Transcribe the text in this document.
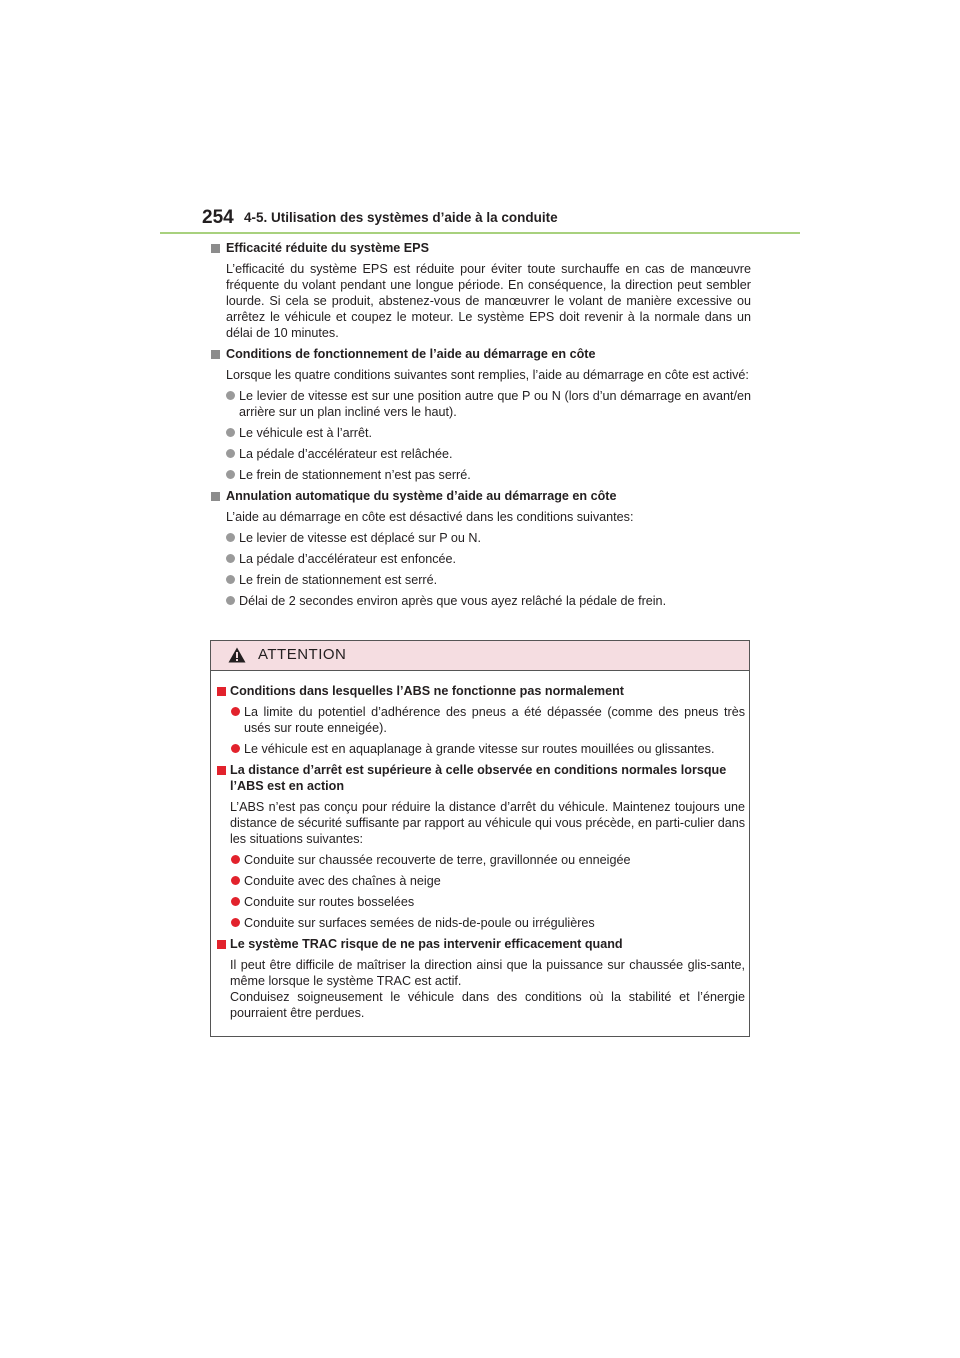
254 4-5. Utilisation des systèmes d’aide à la conduite
Efficacité réduite du système EPS
L’efficacité du système EPS est réduite pour éviter toute surchauffe en cas de manœuvre fréquente du volant pendant une longue période. En conséquence, la direction peut sembler lourde. Si cela se produit, abstenez-vous de manœuvrer le volant de manière excessive ou arrêtez le véhicule et coupez le moteur. Le système EPS doit revenir à la normale dans un délai de 10 minutes.
Conditions de fonctionnement de l’aide au démarrage en côte
Lorsque les quatre conditions suivantes sont remplies, l’aide au démarrage en côte est activé:
Le levier de vitesse est sur une position autre que P ou N (lors d’un démarrage en avant/en arrière sur un plan incliné vers le haut).
Le véhicule est à l’arrêt.
La pédale d’accélérateur est relâchée.
Le frein de stationnement n’est pas serré.
Annulation automatique du système d’aide au démarrage en côte
L’aide au démarrage en côte est désactivé dans les conditions suivantes:
Le levier de vitesse est déplacé sur P ou N.
La pédale d’accélérateur est enfoncée.
Le frein de stationnement est serré.
Délai de 2 secondes environ après que vous ayez relâché la pédale de frein.
ATTENTION
Conditions dans lesquelles l’ABS ne fonctionne pas normalement
La limite du potentiel d’adhérence des pneus a été dépassée (comme des pneus très usés sur route enneigée).
Le véhicule est en aquaplanage à grande vitesse sur routes mouillées ou glissantes.
La distance d’arrêt est supérieure à celle observée en conditions normales lorsque l’ABS est en action
L’ABS n’est pas conçu pour réduire la distance d’arrêt du véhicule. Maintenez toujours une distance de sécurité suffisante par rapport au véhicule qui vous précède, en parti-culier dans les situations suivantes:
Conduite sur chaussée recouverte de terre, gravillonnée ou enneigée
Conduite avec des chaînes à neige
Conduite sur routes bosselées
Conduite sur surfaces semées de nids-de-poule ou irrégulières
Le système TRAC risque de ne pas intervenir efficacement quand
Il peut être difficile de maîtriser la direction ainsi que la puissance sur chaussée glis-sante, même lorsque le système TRAC est actif.
Conduisez soigneusement le véhicule dans des conditions où la stabilité et l’énergie pourraient être perdues.
